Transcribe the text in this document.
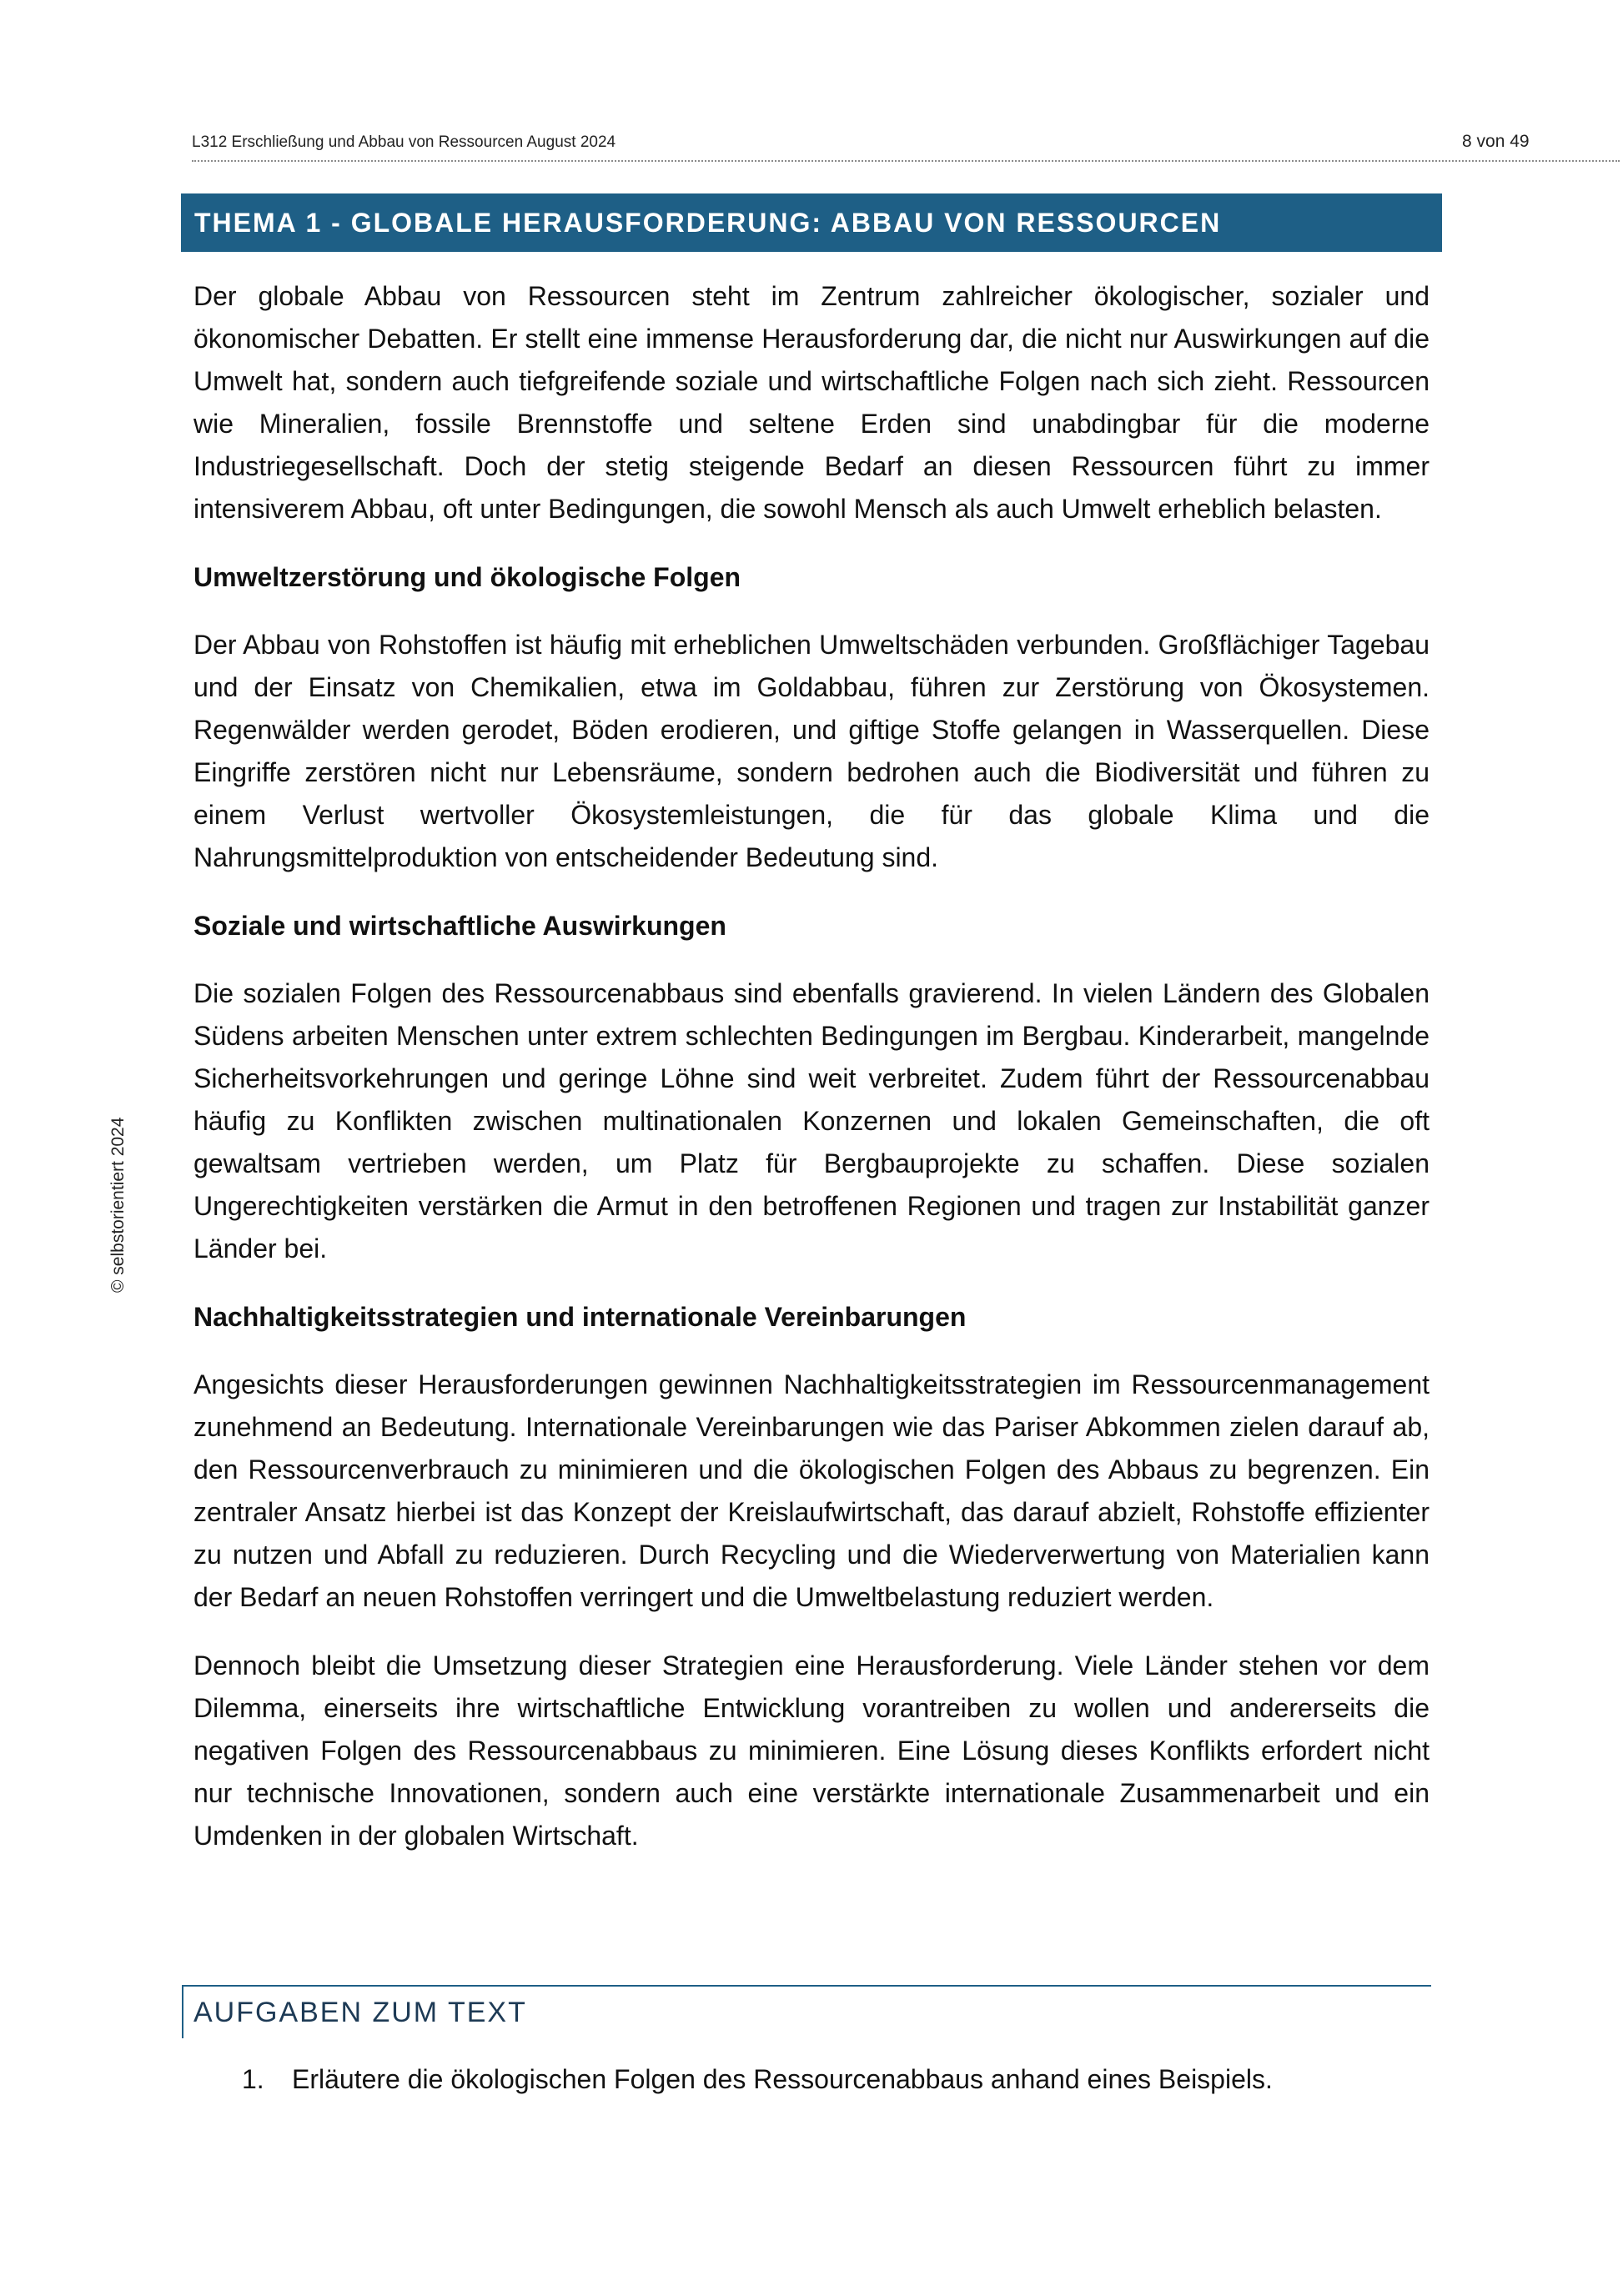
L312 Erschließung und Abbau von Ressourcen August 2024	8 von 49
© selbstorientiert 2024
THEMA 1 - GLOBALE HERAUSFORDERUNG: ABBAU VON RESSOURCEN

Der globale Abbau von Ressourcen steht im Zentrum zahlreicher ökologischer, sozialer und ökonomischer Debatten. Er stellt eine immense Herausforderung dar, die nicht nur Auswirkungen auf die Umwelt hat, sondern auch tiefgreifende soziale und wirtschaftliche Folgen nach sich zieht. Ressourcen wie Mineralien, fossile Brennstoffe und seltene Erden sind unabdingbar für die moderne Industriegesellschaft. Doch der stetig steigende Bedarf an diesen Ressourcen führt zu immer intensiverem Abbau, oft unter Bedingungen, die sowohl Mensch als auch Umwelt erheblich belasten.

Umweltzerstörung und ökologische Folgen

Der Abbau von Rohstoffen ist häufig mit erheblichen Umweltschäden verbunden. Großflächiger Tagebau und der Einsatz von Chemikalien, etwa im Goldabbau, führen zur Zerstörung von Ökosystemen. Regenwälder werden gerodet, Böden erodieren, und giftige Stoffe gelangen in Wasserquellen. Diese Eingriffe zerstören nicht nur Lebensräume, sondern bedrohen auch die Biodiversität und führen zu einem Verlust wertvoller Ökosystemleistungen, die für das globale Klima und die Nahrungsmittelproduktion von entscheidender Bedeutung sind.

Soziale und wirtschaftliche Auswirkungen

Die sozialen Folgen des Ressourcenabbaus sind ebenfalls gravierend. In vielen Ländern des Globalen Südens arbeiten Menschen unter extrem schlechten Bedingungen im Bergbau. Kinderarbeit, mangelnde Sicherheitsvorkehrungen und geringe Löhne sind weit verbreitet. Zudem führt der Ressourcenabbau häufig zu Konflikten zwischen multinationalen Konzernen und lokalen Gemeinschaften, die oft gewaltsam vertrieben werden, um Platz für Bergbauprojekte zu schaffen. Diese sozialen Ungerechtigkeiten verstärken die Armut in den betroffenen Regionen und tragen zur Instabilität ganzer Länder bei.

Nachhaltigkeitsstrategien und internationale Vereinbarungen

Angesichts dieser Herausforderungen gewinnen Nachhaltigkeitsstrategien im Ressourcenmanagement zunehmend an Bedeutung. Internationale Vereinbarungen wie das Pariser Abkommen zielen darauf ab, den Ressourcenverbrauch zu minimieren und die ökologischen Folgen des Abbaus zu begrenzen. Ein zentraler Ansatz hierbei ist das Konzept der Kreislaufwirtschaft, das darauf abzielt, Rohstoffe effizienter zu nutzen und Abfall zu reduzieren. Durch Recycling und die Wiederverwertung von Materialien kann der Bedarf an neuen Rohstoffen verringert und die Umweltbelastung reduziert werden.

Dennoch bleibt die Umsetzung dieser Strategien eine Herausforderung. Viele Länder stehen vor dem Dilemma, einerseits ihre wirtschaftliche Entwicklung vorantreiben zu wollen und andererseits die negativen Folgen des Ressourcenabbaus zu minimieren. Eine Lösung dieses Konflikts erfordert nicht nur technische Innovationen, sondern auch eine verstärkte internationale Zusammenarbeit und ein Umdenken in der globalen Wirtschaft.

AUFGABEN ZUM TEXT
1. Erläutere die ökologischen Folgen des Ressourcenabbaus anhand eines Beispiels.
